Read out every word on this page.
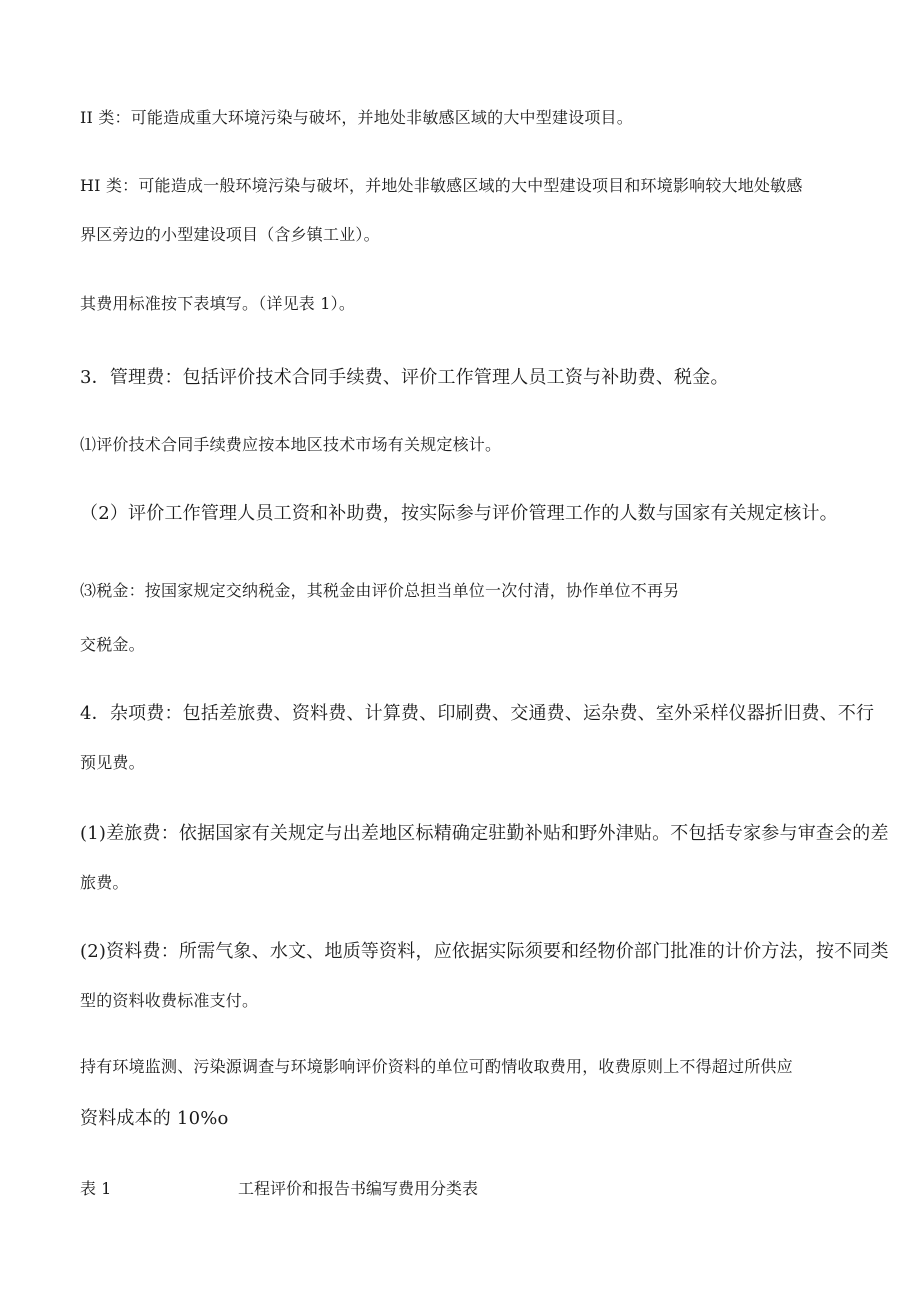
II 类：可能造成重大环境污染与破坏，并地处非敏感区域的大中型建设项目。
HI 类：可能造成一般环境污染与破坏，并地处非敏感区域的大中型建设项目和环境影响较大地处敏感
界区旁边的小型建设项目（含乡镇工业）。
其费用标准按下表填写。（详见表 1）。
3．管理费：包括评价技术合同手续费、评价工作管理人员工资与补助费、税金。
⑴评价技术合同手续费应按本地区技术市场有关规定核计。
（2）评价工作管理人员工资和补助费，按实际参与评价管理工作的人数与国家有关规定核计。
⑶税金：按国家规定交纳税金，其税金由评价总担当单位一次付清，协作单位不再另
交税金。
4．杂项费：包括差旅费、资料费、计算费、印刷费、交通费、运杂费、室外采样仪器折旧费、不行
预见费。
(1)差旅费：依据国家有关规定与出差地区标精确定驻勤补贴和野外津贴。不包括专家参与审查会的差
旅费。
(2)资料费：所需气象、水文、地质等资料，应依据实际须要和经物价部门批准的计价方法，按不同类
型的资料收费标准支付。
持有环境监测、污染源调查与环境影响评价资料的单位可酌情收取费用，收费原则上不得超过所供应
资料成本的 10%o
表 1	工程评价和报告书编写费用分类表
